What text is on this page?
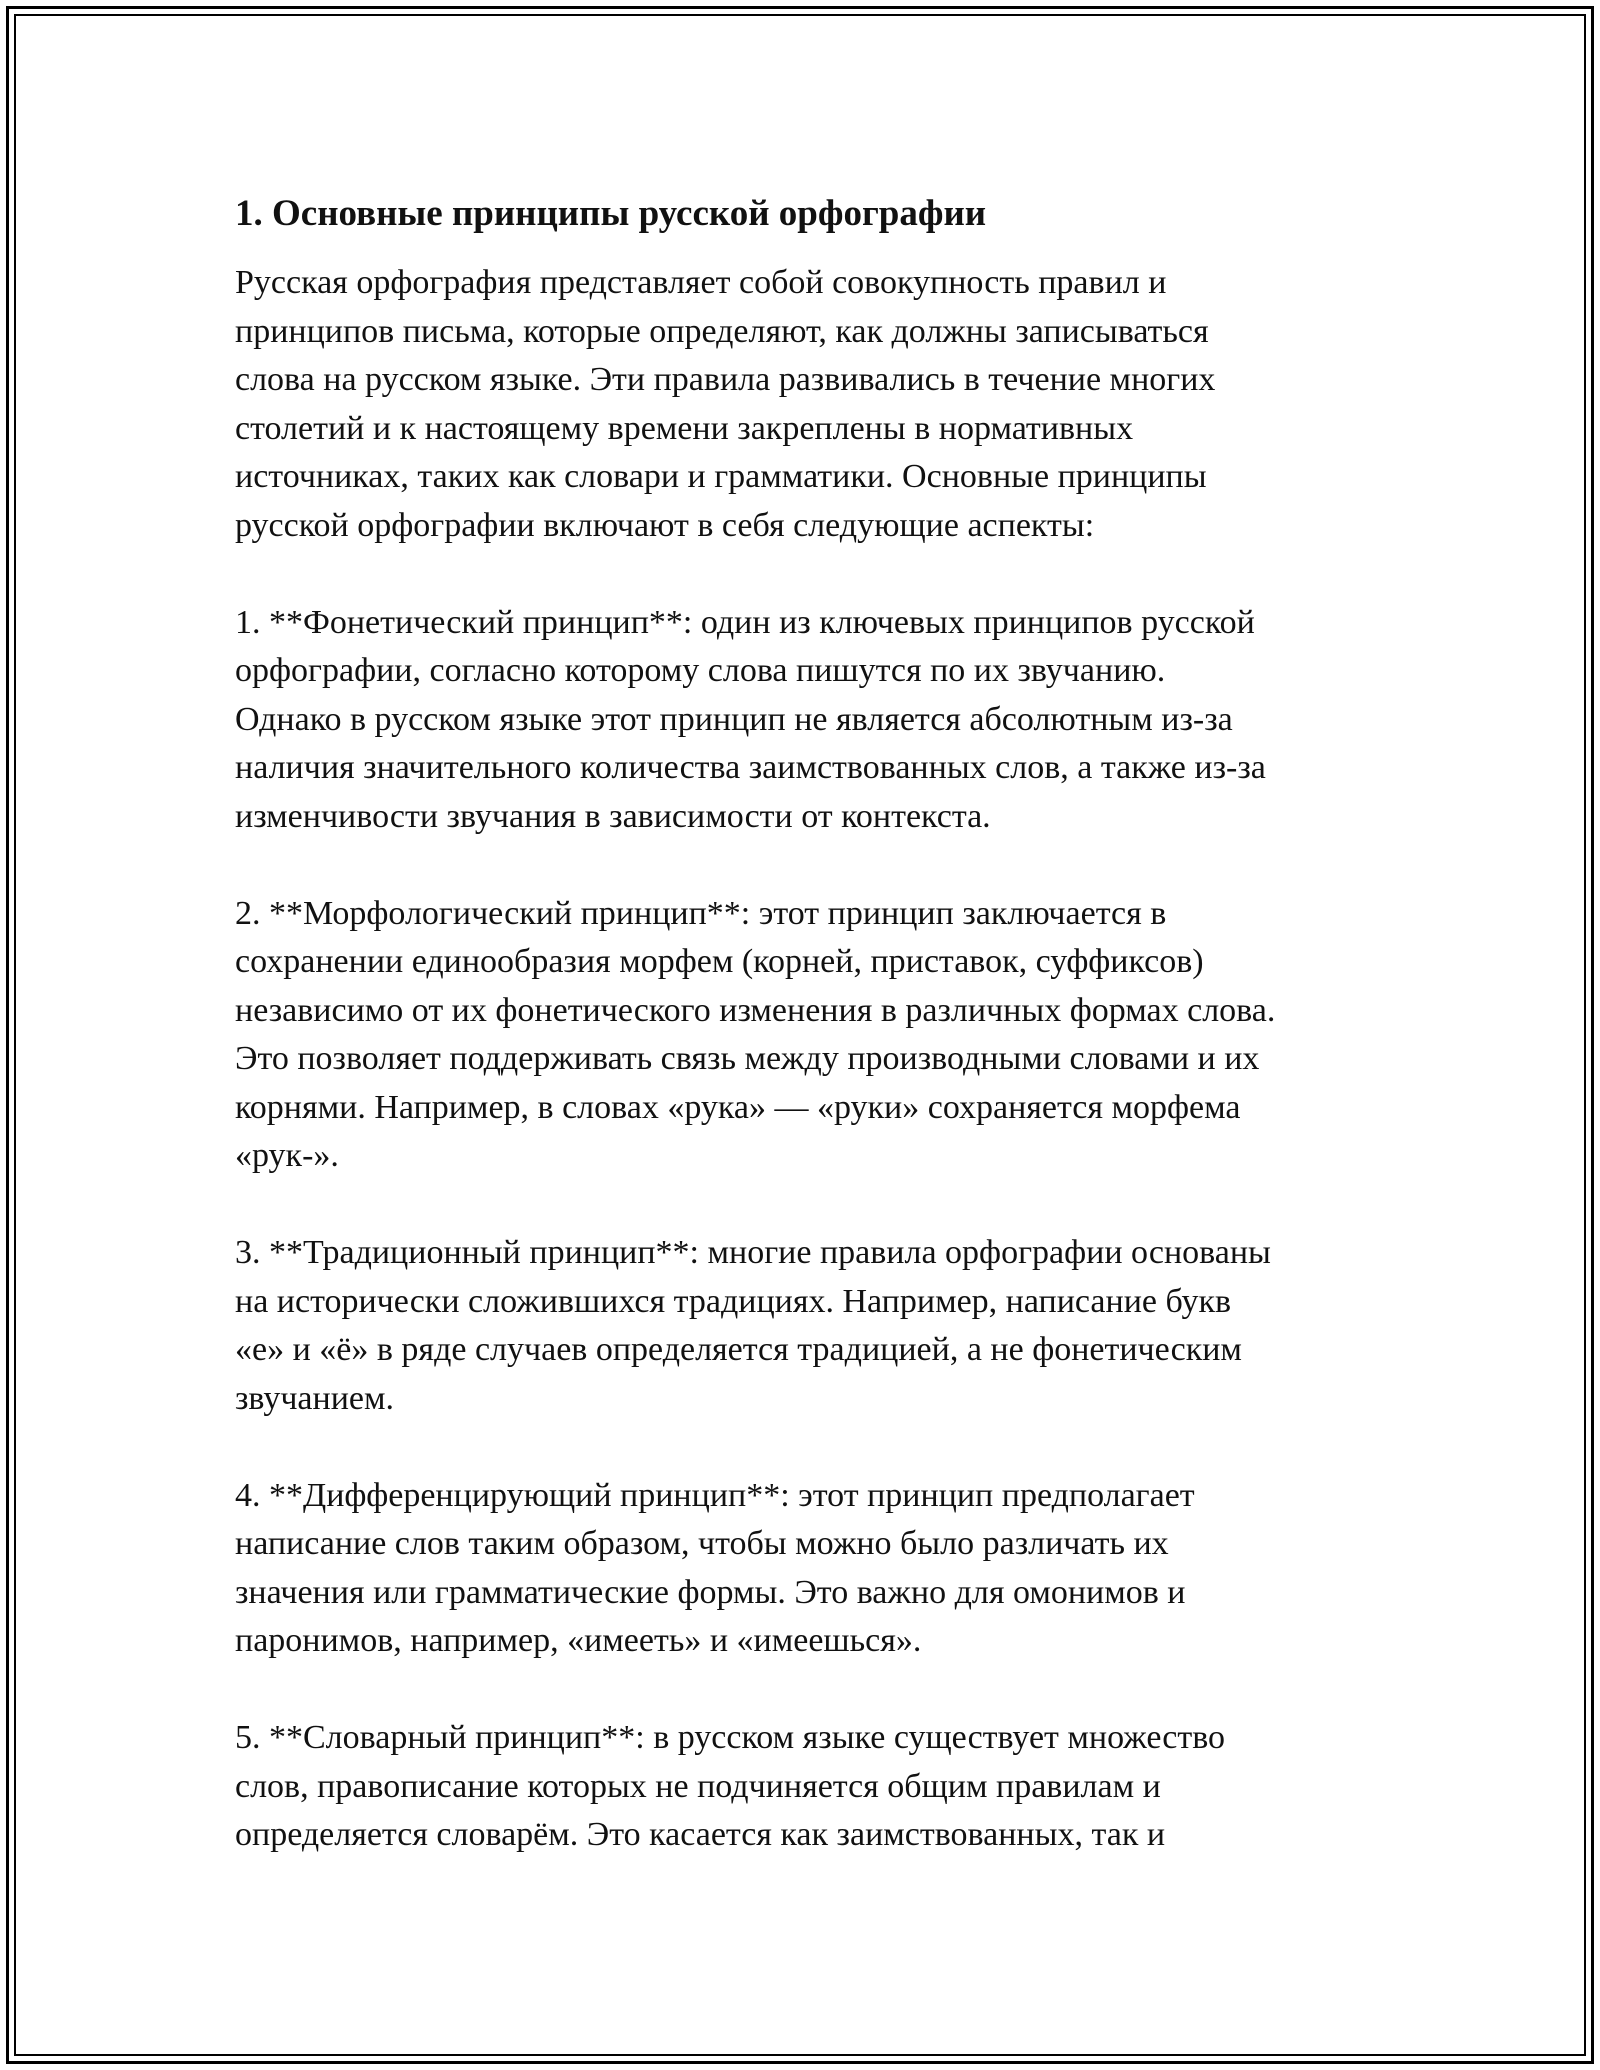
1. Основные принципы русской орфографии

Русская орфография представляет собой совокупность правил и
принципов письма, которые определяют, как должны записываться
слова на русском языке. Эти правила развивались в течение многих
столетий и к настоящему времени закреплены в нормативных
источниках, таких как словари и грамматики. Основные принципы
русской орфографии включают в себя следующие аспекты:

1. **Фонетический принцип**: один из ключевых принципов русской
орфографии, согласно которому слова пишутся по их звучанию.
Однако в русском языке этот принцип не является абсолютным из-за
наличия значительного количества заимствованных слов, а также из-за
изменчивости звучания в зависимости от контекста.

2. **Морфологический принцип**: этот принцип заключается в
сохранении единообразия морфем (корней, приставок, суффиксов)
независимо от их фонетического изменения в различных формах слова.
Это позволяет поддерживать связь между производными словами и их
корнями. Например, в словах «рука» — «руки» сохраняется морфема
«рук-».

3. **Традиционный принцип**: многие правила орфографии основаны
на исторически сложившихся традициях. Например, написание букв
«е» и «ё» в ряде случаев определяется традицией, а не фонетическим
звучанием.

4. **Дифференцирующий принцип**: этот принцип предполагает
написание слов таким образом, чтобы можно было различать их
значения или грамматические формы. Это важно для омонимов и
паронимов, например, «имееть» и «имеешься».

5. **Словарный принцип**: в русском языке существует множество
слов, правописание которых не подчиняется общим правилам и
определяется словарём. Это касается как заимствованных, так и
